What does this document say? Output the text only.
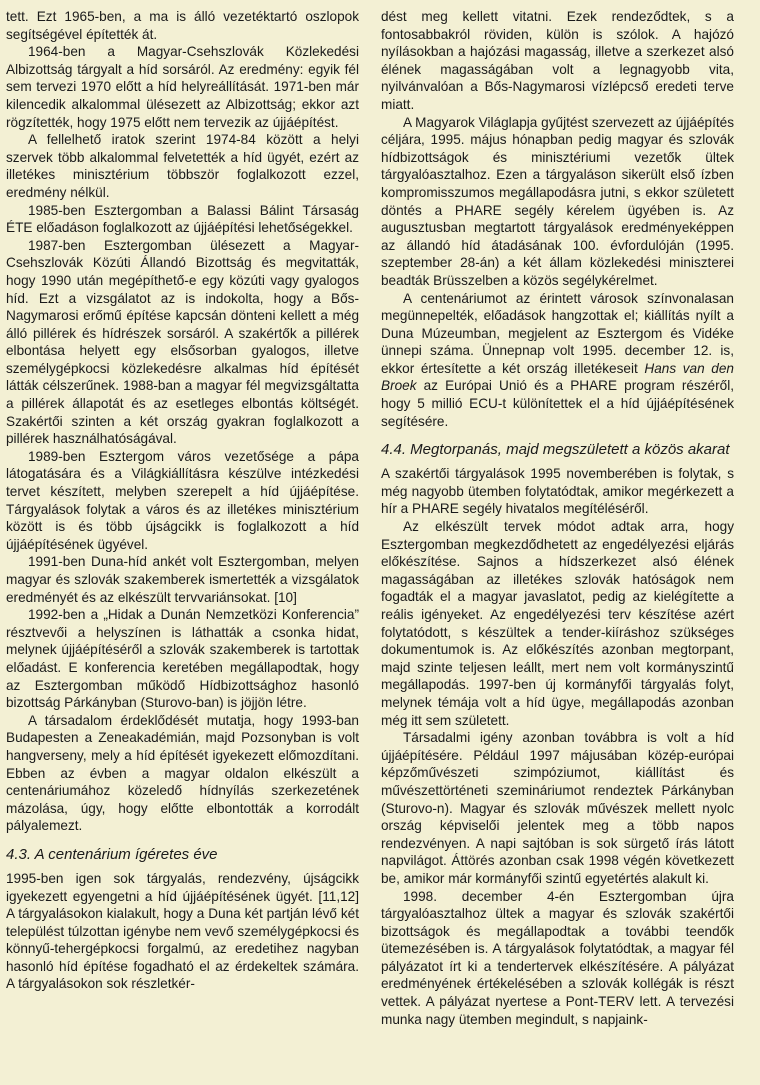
tett. Ezt 1965-ben, a ma is álló vezetéktartó oszlopok segítségével építették át.

1964-ben a Magyar-Csehszlovák Közlekedési Albizottság tárgyalt a híd sorsáról. Az eredmény: egyik fél sem tervezi 1970 előtt a híd helyreállítását. 1971-ben már kilencedik alkalommal ülésezett az Albizottság; ekkor azt rögzítették, hogy 1975 előtt nem tervezik az újjáépítést.

A fellelhető iratok szerint 1974-84 között a helyi szervek több alkalommal felvetették a híd ügyét, ezért az illetékes minisztérium többször foglalkozott ezzel, eredmény nélkül.

1985-ben Esztergomban a Balassi Bálint Társaság ÉTE előadáson foglalkozott az újjáépítési lehetőségekkel.

1987-ben Esztergomban ülésezett a Magyar-Csehszlovák Közúti Állandó Bizottság és megvitatták, hogy 1990 után megépíthető-e egy közúti vagy gyalogos híd. Ezt a vizsgálatot az is indokolta, hogy a Bős-Nagymarosi erőmű építése kapcsán dönteni kellett a még álló pillérek és hídrészek sorsáról. A szakértők a pillérek elbontása helyett egy elsősorban gyalogos, illetve személygépkocsi közlekedésre alkalmas híd építését látták célszerűnek. 1988-ban a magyar fél megvizsgáltatta a pillérek állapotát és az esetleges elbontás költségét. Szakértői szinten a két ország gyakran foglalkozott a pillérek használhatóságával.

1989-ben Esztergom város vezetősége a pápa látogatására és a Világkiállításra készülve intézkedési tervet készített, melyben szerepelt a híd újjáépítése. Tárgyalások folytak a város és az illetékes minisztérium között is és több újságcikk is foglalkozott a híd újjáépítésének ügyével.

1991-ben Duna-híd ankét volt Esztergomban, melyen magyar és szlovák szakemberek ismertették a vizsgálatok eredményét és az elkészült tervvariánsokat. [10]

1992-ben a „Hidak a Dunán Nemzetközi Konferencia” résztvevői a helyszínen is láthatták a csonka hidat, melynek újjáépítéséről a szlovák szakemberek is tartottak előadást. E konferencia keretében megállapodtak, hogy az Esztergomban működő Hídbizottsághoz hasonló bizottság Párkányban (Sturovo-ban) is jöjjön létre.

A társadalom érdeklődését mutatja, hogy 1993-ban Budapesten a Zeneakadémián, majd Pozsonyban is volt hangverseny, mely a híd építését igyekezett előmozdítani. Ebben az évben a magyar oldalon elkészült a centenáriumához közeledő hídnyílás szerkezetének mázolása, úgy, hogy előtte elbontották a korrodált pályalemezt.

4.3. A centenárium ígéretes éve

1995-ben igen sok tárgyalás, rendezvény, újságcikk igyekezett egyengetni a híd újjáépítésének ügyét. [11,12] A tárgyalásokon kialakult, hogy a Duna két partján lévő két települést túlzottan igénybe nem vevő személygépkocsi és könnyű-tehergépkocsi forgalmú, az eredetihez nagyban hasonló híd építése fogadható el az érdekeltek számára. A tárgyalásokon sok részletkér-

dést meg kellett vitatni. Ezek rendeződtek, s a fontosabbakról röviden, külön is szólok. A hajózó nyílásokban a hajózási magasság, illetve a szerkezet alsó élének magasságában volt a legnagyobb vita, nyilvánvalóan a Bős-Nagymarosi vízlépcső eredeti terve miatt.

A Magyarok Világlapja gyűjtést szervezett az újjáépítés céljára, 1995. május hónapban pedig magyar és szlovák hídbizottságok és minisztériumi vezetők ültek tárgyalóasztalhoz. Ezen a tárgyaláson sikerült első ízben kompromisszumos megállapodásra jutni, s ekkor született döntés a PHARE segély kérelem ügyében is. Az augusztusban megtartott tárgyalások eredményeképpen az állandó híd átadásának 100. évfordulóján (1995. szeptember 28-án) a két állam közlekedési miniszterei beadták Brüsszelben a közös segélykérelmet.

A centenáriumot az érintett városok színvonalasan megünnepelték, előadások hangzottak el; kiállítás nyílt a Duna Múzeumban, megjelent az Esztergom és Vidéke ünnepi száma. Ünnepnap volt 1995. december 12. is, ekkor értesítette a két ország illetékeseit Hans van den Broek az Európai Unió és a PHARE program részéről, hogy 5 millió ECU-t különítettek el a híd újjáépítésének segítésére.

4.4. Megtorpanás, majd megszületett a közös akarat

A szakértői tárgyalások 1995 novemberében is folytak, s még nagyobb ütemben folytatódtak, amikor megérkezett a hír a PHARE segély hivatalos megítéléséről.

Az elkészült tervek módot adtak arra, hogy Esztergomban megkezdődhetett az engedélyezési eljárás előkészítése. Sajnos a hídszerkezet alsó élének magasságában az illetékes szlovák hatóságok nem fogadták el a magyar javaslatot, pedig az kielégítette a reális igényeket. Az engedélyezési terv készítése azért folytatódott, s készültek a tender-kiíráshoz szükséges dokumentumok is. Az előkészítés azonban megtorpant, majd szinte teljesen leállt, mert nem volt kormányszintű megállapodás. 1997-ben új kormányfői tárgyalás folyt, melynek témája volt a híd ügye, megállapodás azonban még itt sem született.

Társadalmi igény azonban továbbra is volt a híd újjáépítésére. Például 1997 májusában közép-európai képzőművészeti szimpóziumot, kiállítást és művészettörténeti szemináriumot rendeztek Párkányban (Sturovo-n). Magyar és szlovák művészek mellett nyolc ország képviselői jelentek meg a több napos rendezvényen. A napi sajtóban is sok sürgető írás látott napvilágot. Áttörés azonban csak 1998 végén következett be, amikor már kormányfői szintű egyetértés alakult ki.

1998. december 4-én Esztergomban újra tárgyalóasztalhoz ültek a magyar és szlovák szakértői bizottságok és megállapodtak a további teendők ütemezésében is. A tárgyalások folytatódtak, a magyar fél pályázatot írt ki a tendertervek elkészítésére. A pályázat eredményének értékelésében a szlovák kollégák is részt vettek. A pályázat nyertese a Pont-TERV lett. A tervezési munka nagy ütemben megindult, s napjaink-
